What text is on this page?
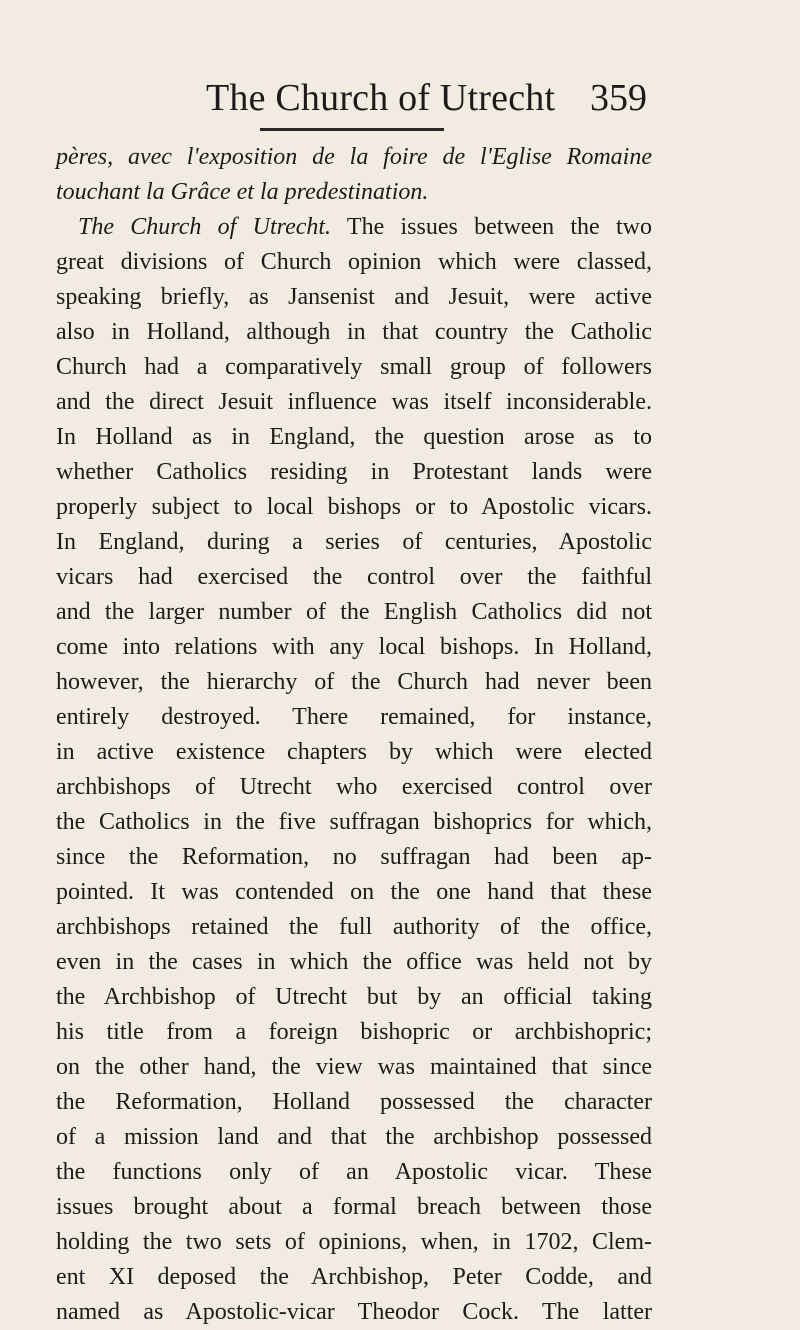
The Church of Utrecht 359
pères, avec l'exposition de la foire de l'Eglise Romaine
touchant la Grâce et la predestination.
The Church of Utrecht. The issues between the two
great divisions of Church opinion which were classed,
speaking briefly, as Jansenist and Jesuit, were active
also in Holland, although in that country the Catholic
Church had a comparatively small group of followers
and the direct Jesuit influence was itself inconsiderable.
In Holland as in England, the question arose as to
whether Catholics residing in Protestant lands were
properly subject to local bishops or to Apostolic vicars.
In England, during a series of centuries, Apostolic
vicars had exercised the control over the faithful
and the larger number of the English Catholics did not
come into relations with any local bishops. In Holland,
however, the hierarchy of the Church had never been
entirely destroyed. There remained, for instance,
in active existence chapters by which were elected
archbishops of Utrecht who exercised control over
the Catholics in the five suffragan bishoprics for which,
since the Reformation, no suffragan had been ap-
pointed. It was contended on the one hand that these
archbishops retained the full authority of the office,
even in the cases in which the office was held not by
the Archbishop of Utrecht but by an official taking
his title from a foreign bishopric or archbishopric;
on the other hand, the view was maintained that since
the Reformation, Holland possessed the character
of a mission land and that the archbishop possessed
the functions only of an Apostolic vicar. These
issues brought about a formal breach between those
holding the two sets of opinions, when, in 1702, Clem-
ent XI deposed the Archbishop, Peter Codde, and
named as Apostolic-vicar Theodor Cock. The latter
